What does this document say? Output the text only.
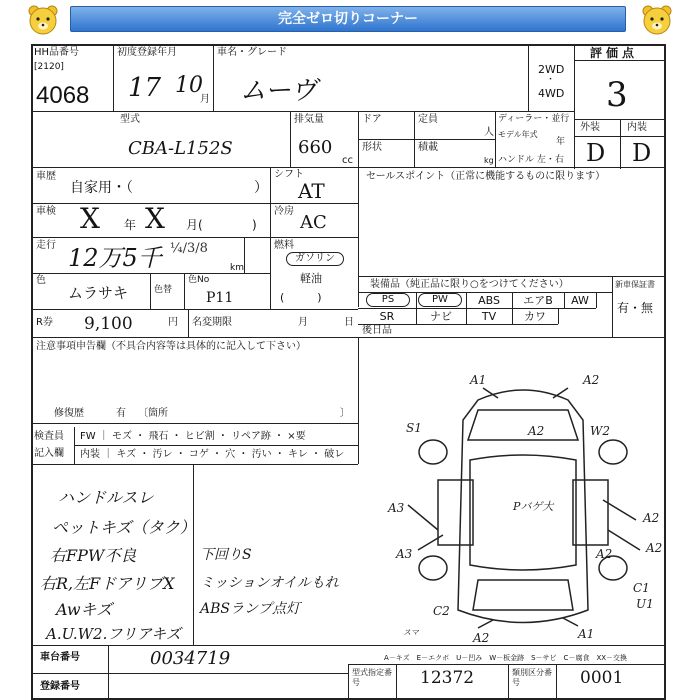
完全ゼロ切りコーナー
HH品番号
[2120]
4068
初度登録年月
17 10
月
車名・グレード
ムーヴ
2WD
・
4WD
評価点
3
型式
CBA-L152S
排気量
660
cc
ドア	定員
人
形状	積載
kg
ディーラー・並行
モデル年式
年
ハンドル 左・右
外装	内装
D D
車歴
自家用・（	）
シフト
AT
車検 X 年 X 月(	)
冷房
AC
走行 12万5千 ¼∕3∕8
km
燃料
ガソリン
軽油
(　　　)
色
ムラサキ	色替
色No
P11
R券 9,100	円 名変期限	月	日
セールスポイント（正常に機能するものに限ります）
装備品（純正品に限り○をつけてください）	新車保証書
有・無
PS	PW	ABS	エアB	AW
SR	ナビ	TV	カワ
後日品
注意事項申告欄（不具合内容等は具体的に記入して下さい）
修復歴	有 〔箇所	〕
検査員
記入欄
FW ｜ モズ ・ 飛石 ・ ヒビ割 ・ リペア跡 ・ ×要
内装 ｜ キズ ・ 汚レ ・ コゲ ・ 穴 ・ 汚い ・ キレ ・ 破レ
ハンドルスレ
ペットキズ（タク）
右FPW不良
右R,左FドアリブX
Awキズ
A.U.W2.フリアキズ
下回りS
ミッションオイルもれ
ABSランプ点灯
A1	A2
S1	A2	W2
A3
A3
A2
A2
A2
C2
C1
U1
A2	A1
スマ
Pバゲ大
車台番号	0034719
登録番号
A－キズ　E－エクボ　U－凹み　W－板金跡　S－サビ　C－腐食　XX－交換
型式指定番号	12372	類別区分番号	0001
